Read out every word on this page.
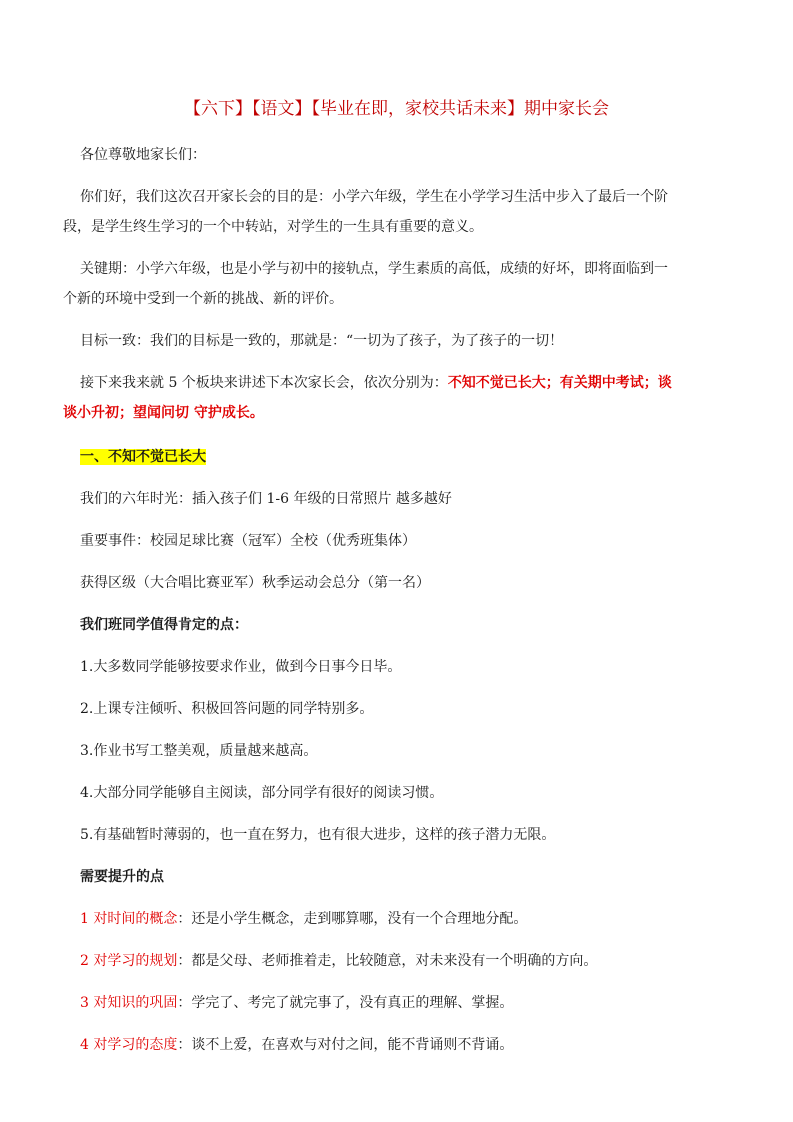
【六下】【语文】【毕业在即，家校共话未来】期中家长会
各位尊敬地家长们：
你们好，我们这次召开家长会的目的是：小学六年级，学生在小学学习生活中步入了最后一个阶
段，是学生终生学习的一个中转站，对学生的一生具有重要的意义。
关键期：小学六年级，也是小学与初中的接轨点，学生素质的高低，成绩的好坏，即将面临到一
个新的环境中受到一个新的挑战、新的评价。
目标一致：我们的目标是一致的，那就是：“一切为了孩子，为了孩子的一切！
接下来我来就 5 个板块来讲述下本次家长会，依次分别为：不知不觉已长大；有关期中考试；谈
谈小升初；望闻问切 守护成长。
一、不知不觉已长大
我们的六年时光：插入孩子们 1-6 年级的日常照片 越多越好
重要事件：校园足球比赛（冠军）全校（优秀班集体）
获得区级（大合唱比赛亚军）秋季运动会总分（第一名）
我们班同学值得肯定的点：
1.大多数同学能够按要求作业，做到今日事今日毕。
2.上课专注倾听、积极回答问题的同学特别多。
3.作业书写工整美观，质量越来越高。
4.大部分同学能够自主阅读，部分同学有很好的阅读习惯。
5.有基础暂时薄弱的，也一直在努力，也有很大进步，这样的孩子潜力无限。
需要提升的点
1 对时间的概念：还是小学生概念，走到哪算哪，没有一个合理地分配。
2 对学习的规划：都是父母、老师推着走，比较随意，对未来没有一个明确的方向。
3 对知识的巩固：学完了、考完了就完事了，没有真正的理解、掌握。
4 对学习的态度：谈不上爱，在喜欢与对付之间，能不背诵则不背诵。
